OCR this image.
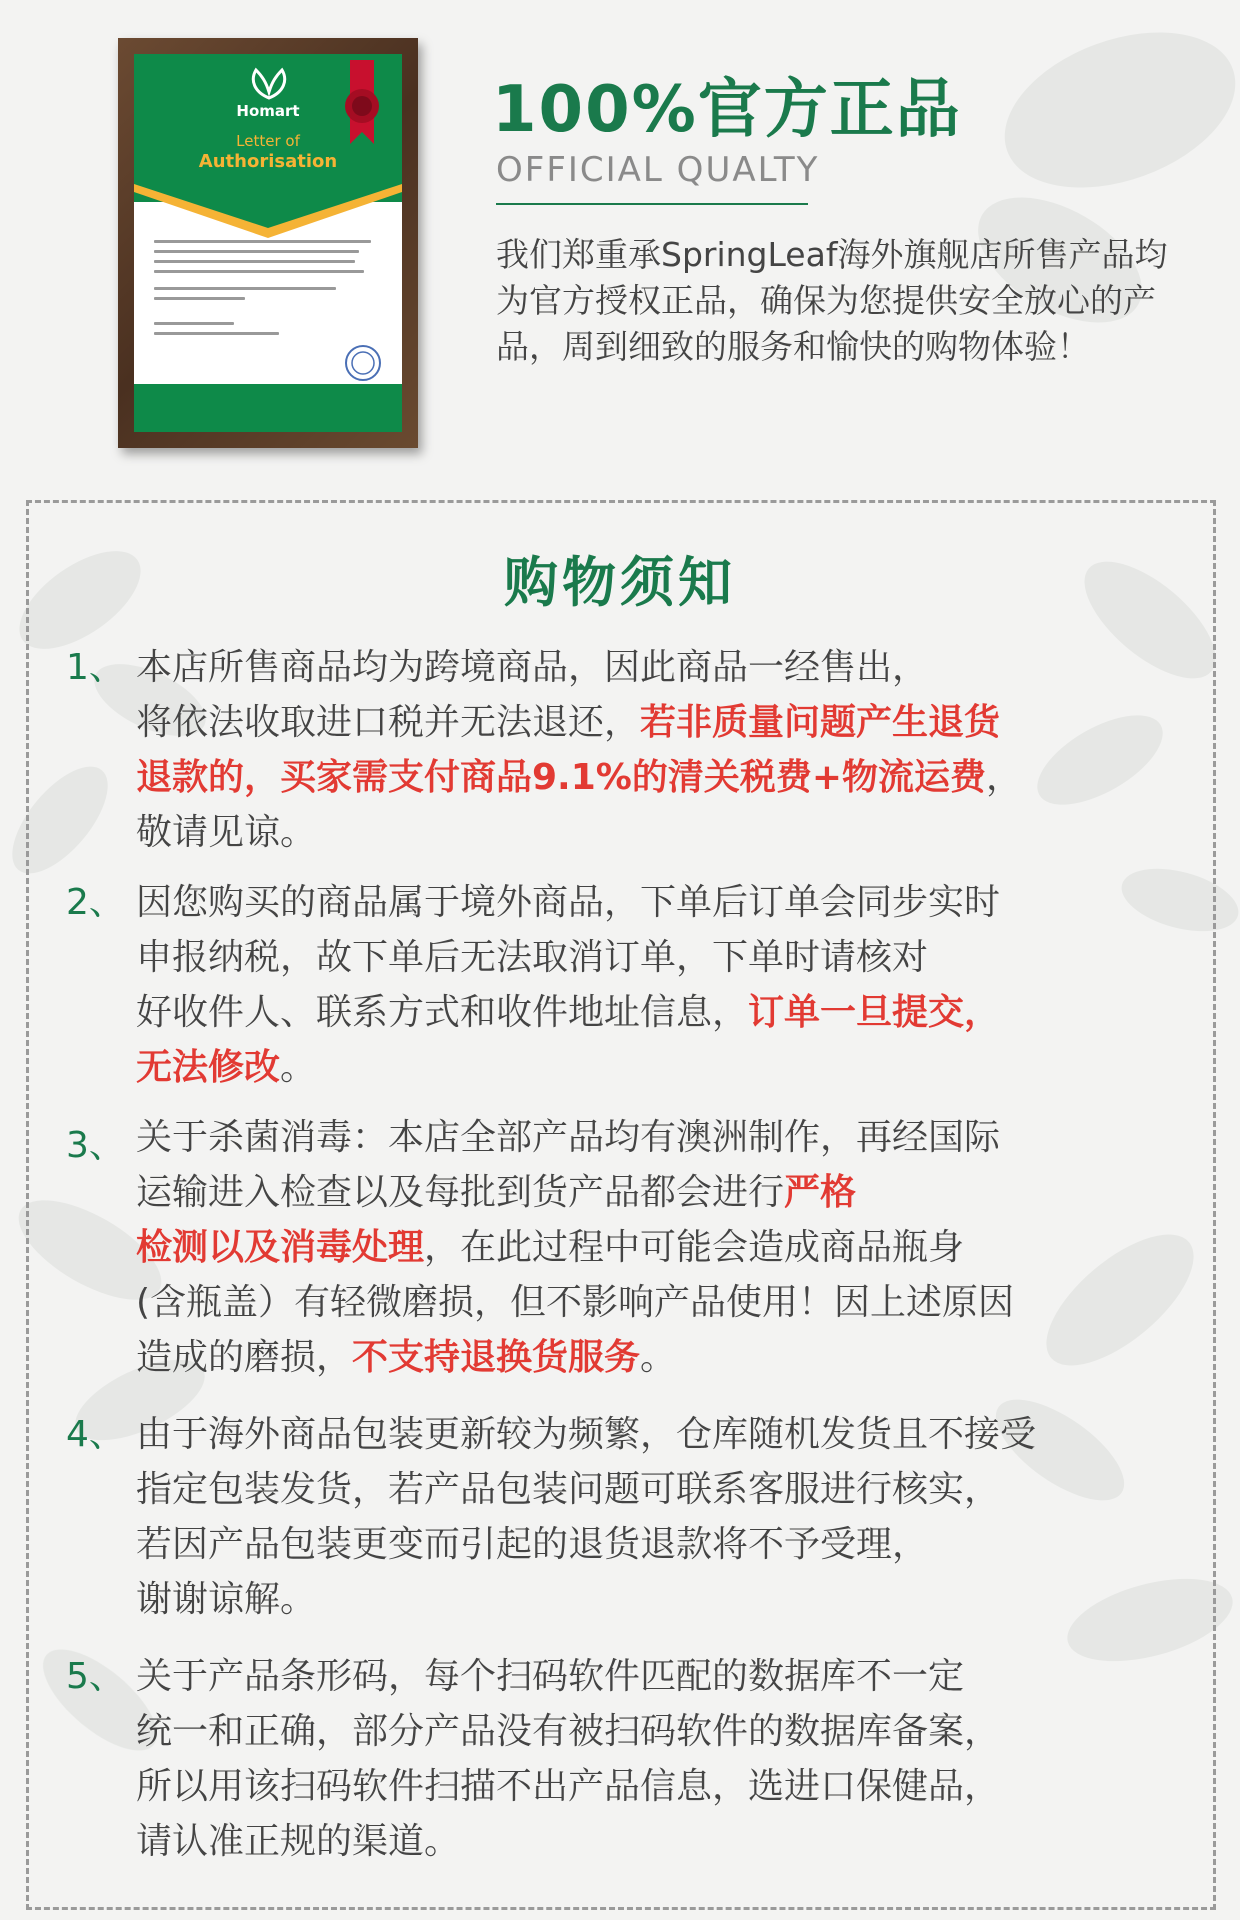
Homart
Letter of
Authorisation
100%官方正品
OFFICIAL QUALTY
我们郑重承SpringLeaf海外旗舰店所售产品均为官方授权正品，确保为您提供安全放心的产品，周到细致的服务和愉快的购物体验！
购物须知
1、 本店所售商品均为跨境商品，因此商品一经售出，
将依法收取进口税并无法退还，若非质量问题产生退货
退款的，买家需支付商品9.1%的清关税费+物流运费，
敬请见谅。
2、 因您购买的商品属于境外商品，下单后订单会同步实时
申报纳税，故下单后无法取消订单，下单时请核对
好收件人、联系方式和收件地址信息，订单一旦提交，
无法修改。
3、 关于杀菌消毒：本店全部产品均有澳洲制作，再经国际
运输进入检查以及每批到货产品都会进行严格
检测以及消毒处理，在此过程中可能会造成商品瓶身
(含瓶盖）有轻微磨损，但不影响产品使用！因上述原因
造成的磨损，不支持退换货服务。
4、 由于海外商品包装更新较为频繁，仓库随机发货且不接受
指定包装发货，若产品包装问题可联系客服进行核实，
若因产品包装更变而引起的退货退款将不予受理，
谢谢谅解。
5、 关于产品条形码，每个扫码软件匹配的数据库不一定
统一和正确，部分产品没有被扫码软件的数据库备案，
所以用该扫码软件扫描不出产品信息，选进口保健品，
请认准正规的渠道。
